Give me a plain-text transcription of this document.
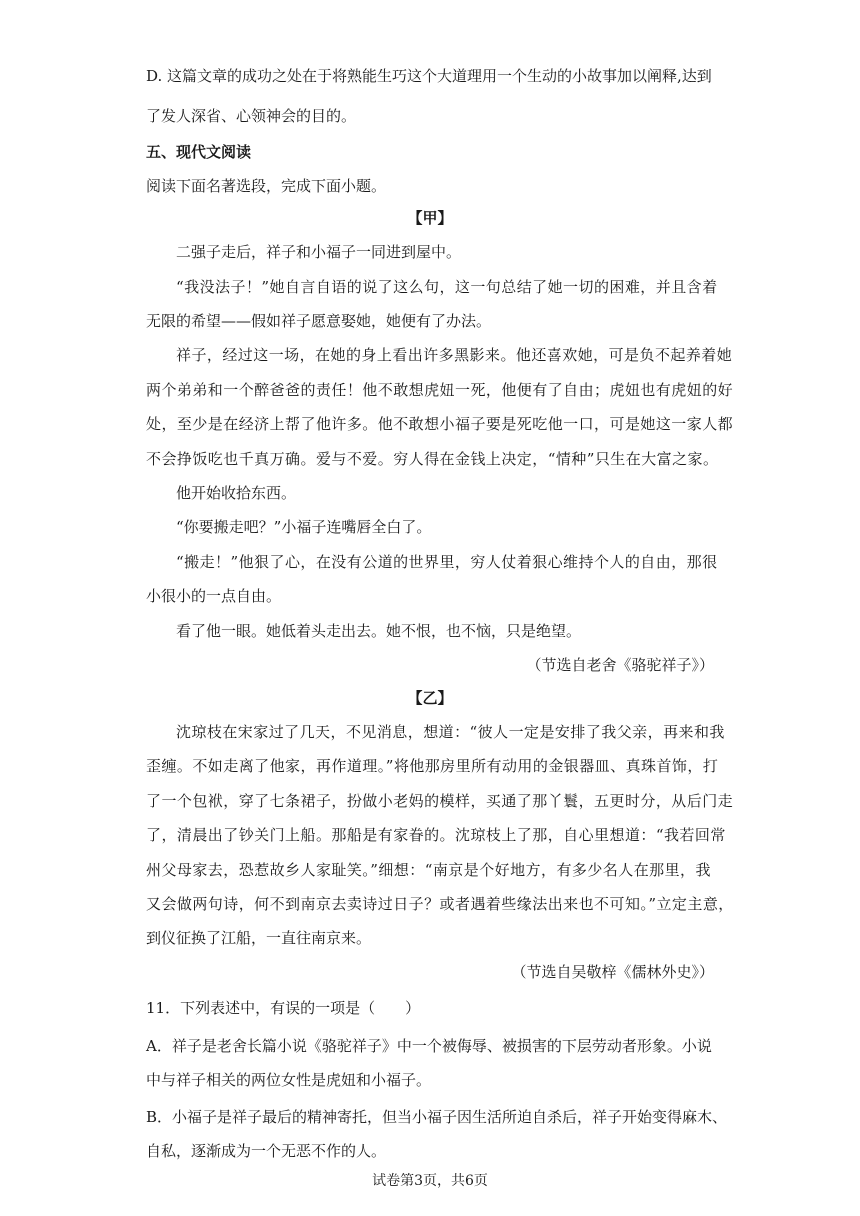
D. 这篇文章的成功之处在于将熟能生巧这个大道理用一个生动的小故事加以阐释,达到
了发人深省、心领神会的目的。
五、现代文阅读
阅读下面名著选段，完成下面小题。
【甲】
二强子走后，祥子和小福子一同进到屋中。
“我没法子！”她自言自语的说了这么句，这一句总结了她一切的困难，并且含着
无限的希望——假如祥子愿意娶她，她便有了办法。
祥子，经过这一场，在她的身上看出许多黑影来。他还喜欢她，可是负不起养着她
两个弟弟和一个醉爸爸的责任！他不敢想虎妞一死，他便有了自由；虎妞也有虎妞的好
处，至少是在经济上帮了他许多。他不敢想小福子要是死吃他一口，可是她这一家人都
不会挣饭吃也千真万确。爱与不爱。穷人得在金钱上决定，“情种”只生在大富之家。
他开始收拾东西。
“你要搬走吧？”小福子连嘴唇全白了。
“搬走！”他狠了心，在没有公道的世界里，穷人仗着狠心维持个人的自由，那很
小很小的一点自由。
看了他一眼。她低着头走出去。她不恨，也不恼，只是绝望。
（节选自老舍《骆驼祥子》）
【乙】
沈琼枝在宋家过了几天，不见消息，想道：“彼人一定是安排了我父亲，再来和我
歪缠。不如走离了他家，再作道理。”将他那房里所有动用的金银器皿、真珠首饰，打
了一个包袱，穿了七条裙子，扮做小老妈的模样，买通了那丫鬟，五更时分，从后门走
了，清晨出了钞关门上船。那船是有家眷的。沈琼枝上了那，自心里想道：“我若回常
州父母家去，恐惹故乡人家耻笑。”细想：“南京是个好地方，有多少名人在那里，我
又会做两句诗，何不到南京去卖诗过日子？或者遇着些缘法出来也不可知。”立定主意，
到仪征换了江船，一直往南京来。
（节选自吴敬梓《儒林外史》）
11．下列表述中，有误的一项是（　　）
A．祥子是老舍长篇小说《骆驼祥子》中一个被侮辱、被损害的下层劳动者形象。小说
中与祥子相关的两位女性是虎妞和小福子。
B．小福子是祥子最后的精神寄托，但当小福子因生活所迫自杀后，祥子开始变得麻木、
自私，逐渐成为一个无恶不作的人。
试卷第3页，共6页
